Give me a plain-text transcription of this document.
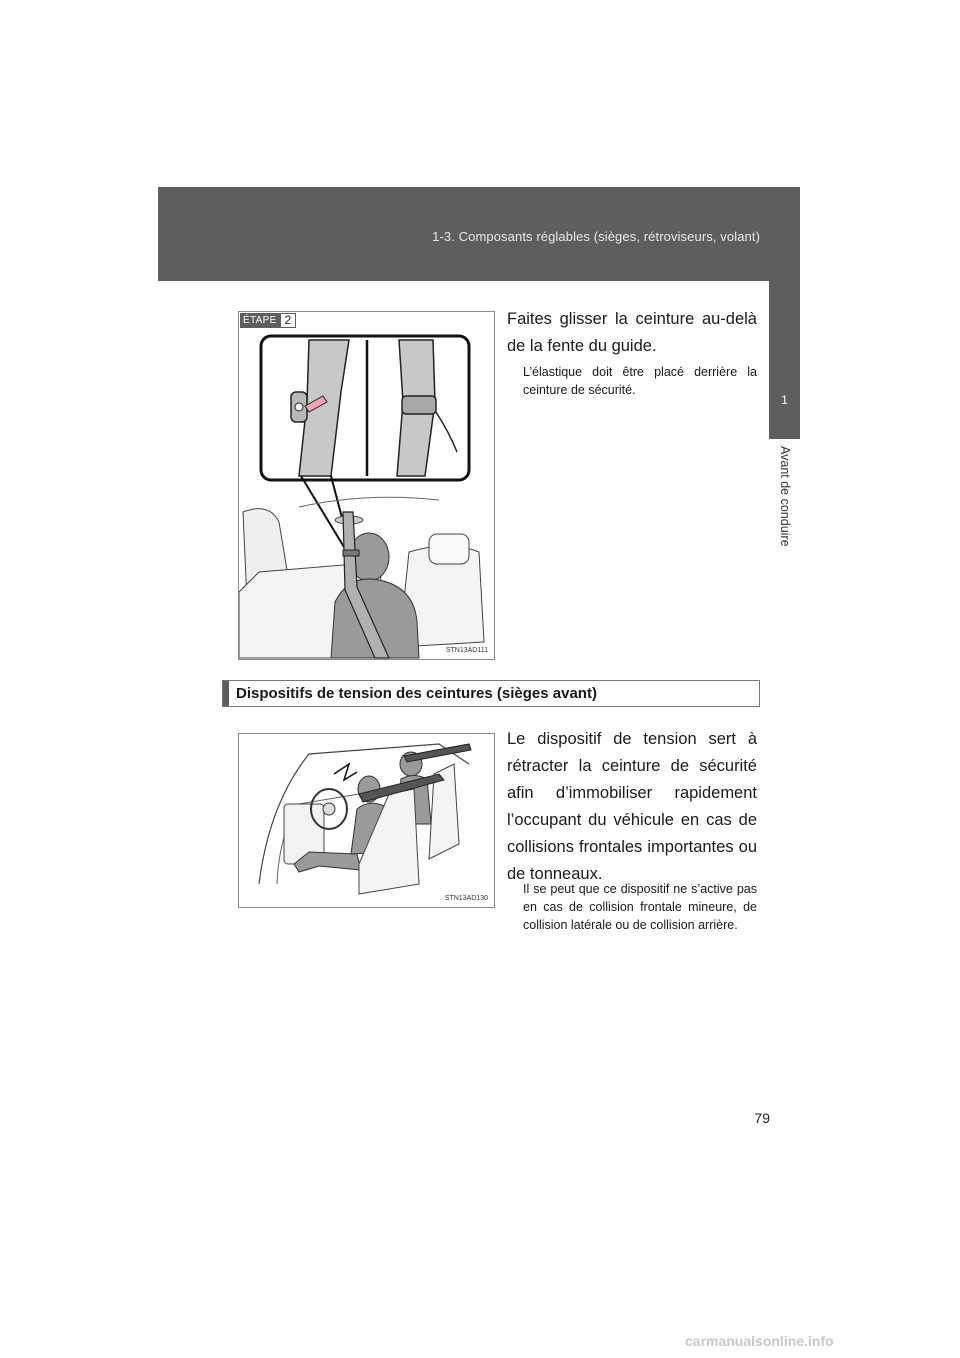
1-3. Composants réglables (sièges, rétroviseurs, volant)
1
Avant de conduire
STN13AD111
ÉTAPE 2	Faites glisser la ceinture au-delà de la fente du guide.
L’élastique doit être placé derrière la ceinture de sécurité.
Dispositifs de tension des ceintures (sièges avant)
STN13AD130
Le dispositif de tension sert à rétracter la ceinture de sécurité afin d’immobiliser rapidement l’occupant du véhicule en cas de collisions frontales importantes ou de tonneaux.
Il se peut que ce dispositif ne s’active pas en cas de collision frontale mineure, de collision latérale ou de collision arrière.
79
carmanualsonline.info
